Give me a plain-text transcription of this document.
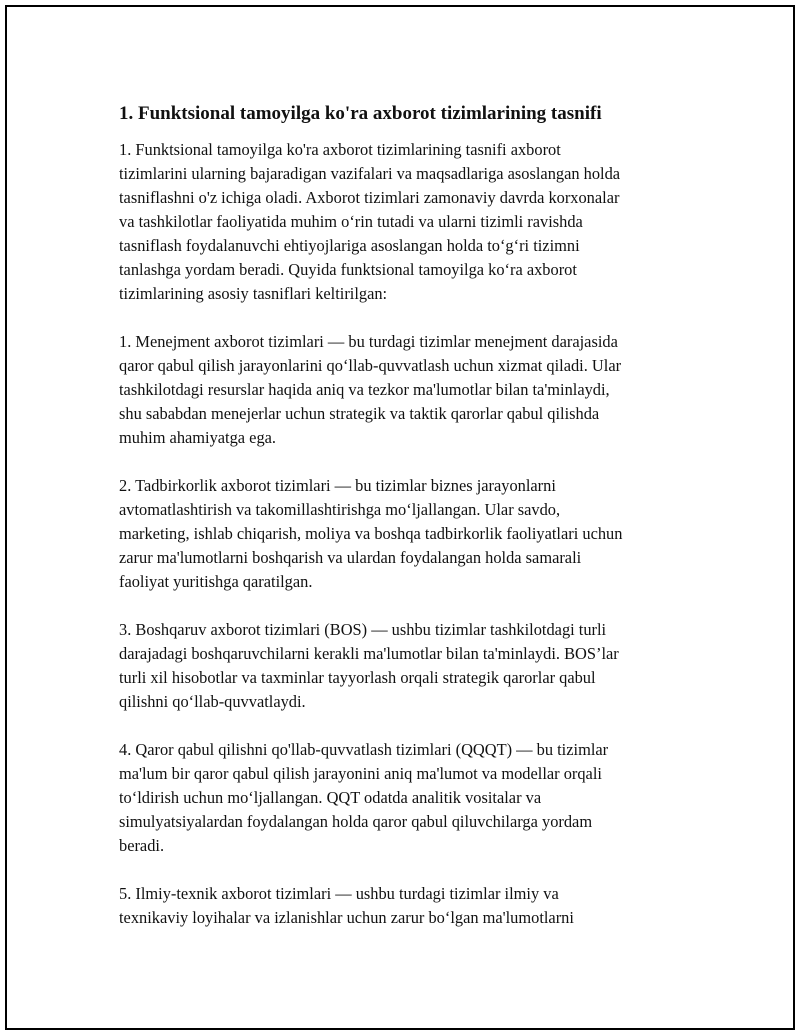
1. Funktsional tamoyilga ko'ra axborot tizimlarining tasnifi

1. Funktsional tamoyilga ko'ra axborot tizimlarining tasnifi axborot
tizimlarini ularning bajaradigan vazifalari va maqsadlariga asoslangan holda
tasniflashni o'z ichiga oladi. Axborot tizimlari zamonaviy davrda korxonalar
va tashkilotlar faoliyatida muhim o‘rin tutadi va ularni tizimli ravishda
tasniflash foydalanuvchi ehtiyojlariga asoslangan holda to‘g‘ri tizimni
tanlashga yordam beradi. Quyida funktsional tamoyilga ko‘ra axborot
tizimlarining asosiy tasniflari keltirilgan:

1. Menejment axborot tizimlari — bu turdagi tizimlar menejment darajasida
qaror qabul qilish jarayonlarini qo‘llab-quvvatlash uchun xizmat qiladi. Ular
tashkilotdagi resurslar haqida aniq va tezkor ma'lumotlar bilan ta'minlaydi,
shu sababdan menejerlar uchun strategik va taktik qarorlar qabul qilishda
muhim ahamiyatga ega.

2. Tadbirkorlik axborot tizimlari — bu tizimlar biznes jarayonlarni
avtomatlashtirish va takomillashtirishga mo‘ljallangan. Ular savdo,
marketing, ishlab chiqarish, moliya va boshqa tadbirkorlik faoliyatlari uchun
zarur ma'lumotlarni boshqarish va ulardan foydalangan holda samarali
faoliyat yuritishga qaratilgan.

3. Boshqaruv axborot tizimlari (BOS) — ushbu tizimlar tashkilotdagi turli
darajadagi boshqaruvchilarni kerakli ma'lumotlar bilan ta'minlaydi. BOS’lar
turli xil hisobotlar va taxminlar tayyorlash orqali strategik qarorlar qabul
qilishni qo‘llab-quvvatlaydi.

4. Qaror qabul qilishni qo'llab-quvvatlash tizimlari (QQQT) — bu tizimlar
ma'lum bir qaror qabul qilish jarayonini aniq ma'lumot va modellar orqali
to‘ldirish uchun mo‘ljallangan. QQT odatda analitik vositalar va
simulyatsiyalardan foydalangan holda qaror qabul qiluvchilarga yordam
beradi.

5. Ilmiy-texnik axborot tizimlari — ushbu turdagi tizimlar ilmiy va
texnikaviy loyihalar va izlanishlar uchun zarur bo‘lgan ma'lumotlarni
